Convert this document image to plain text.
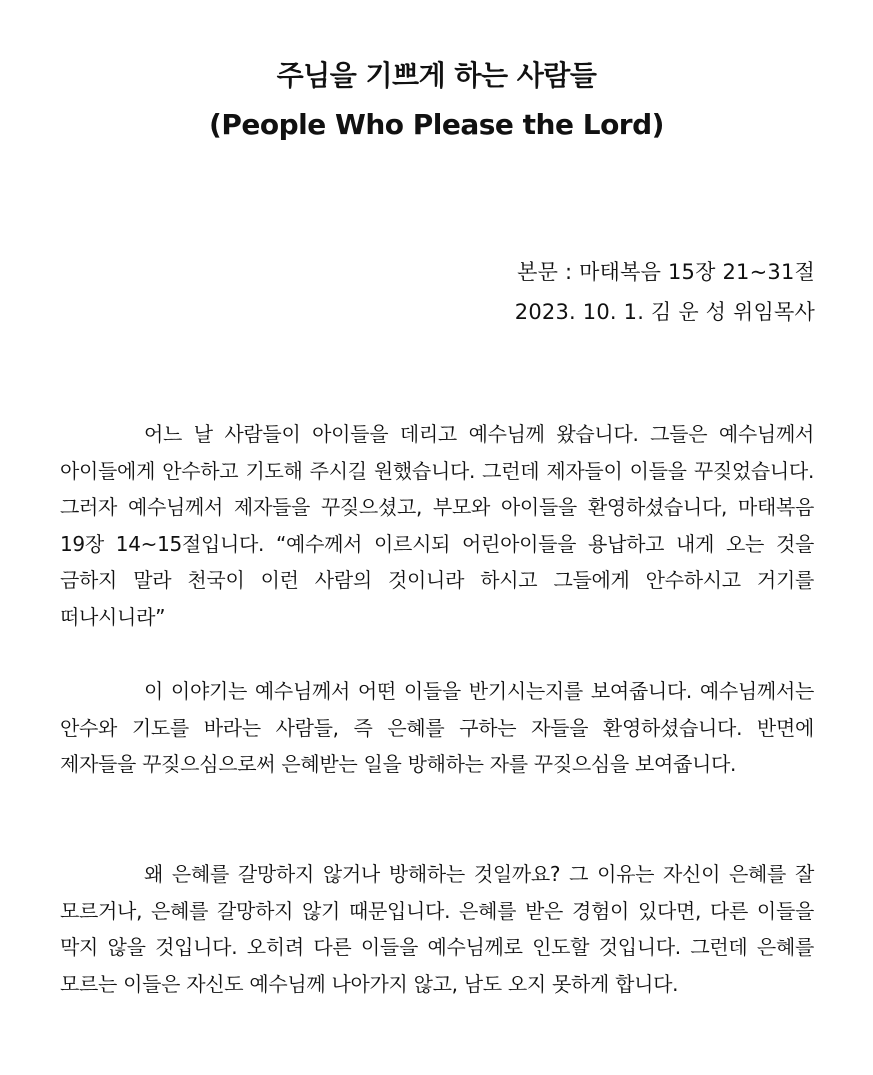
주님을 기쁘게 하는 사람들
(People Who Please the Lord)

본문 : 마태복음 15장 21~31절

2023. 10. 1. 김 운 성 위임목사

어느 날 사람들이 아이들을 데리고 예수님께 왔습니다. 그들은 예수님께서 아이들에게 안수하고 기도해 주시길 원했습니다. 그런데 제자들이 이들을 꾸짖었습니다. 그러자 예수님께서 제자들을 꾸짖으셨고, 부모와 아이들을 환영하셨습니다, 마태복음 19장 14~15절입니다. “예수께서 이르시되 어린아이들을 용납하고 내게 오는 것을 금하지 말라 천국이 이런 사람의 것이니라 하시고 그들에게 안수하시고 거기를 떠나시니라”

이 이야기는 예수님께서 어떤 이들을 반기시는지를 보여줍니다. 예수님께서는 안수와 기도를 바라는 사람들, 즉 은혜를 구하는 자들을 환영하셨습니다. 반면에 제자들을 꾸짖으심으로써 은혜받는 일을 방해하는 자를 꾸짖으심을 보여줍니다.

왜 은혜를 갈망하지 않거나 방해하는 것일까요? 그 이유는 자신이 은혜를 잘 모르거나, 은혜를 갈망하지 않기 때문입니다. 은혜를 받은 경험이 있다면, 다른 이들을 막지 않을 것입니다. 오히려 다른 이들을 예수님께로 인도할 것입니다. 그런데 은혜를 모르는 이들은 자신도 예수님께 나아가지 않고, 남도 오지 못하게 합니다.
